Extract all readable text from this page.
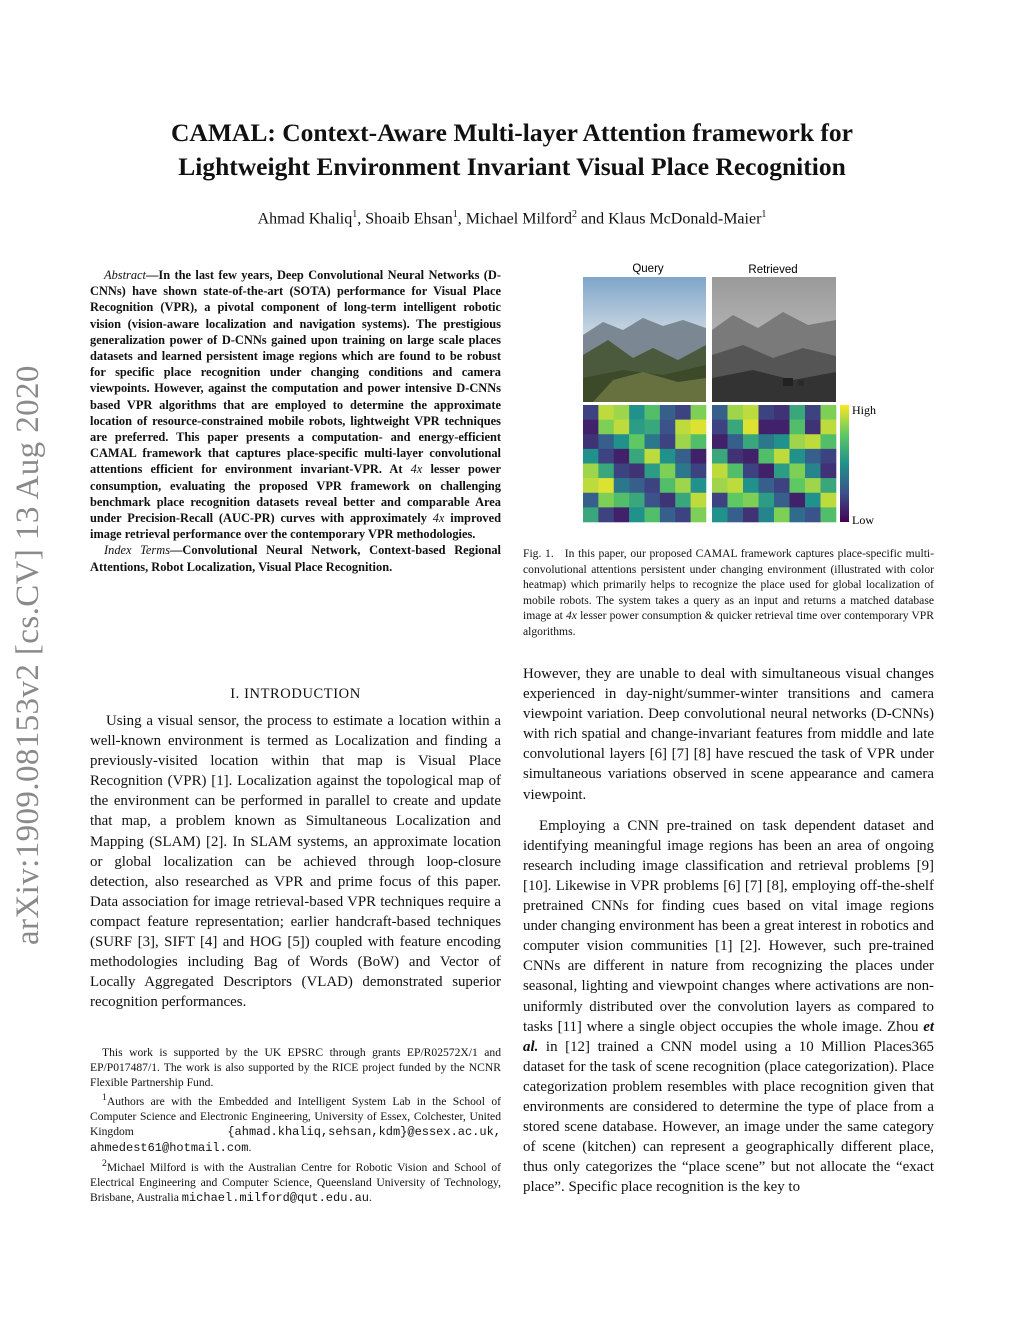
CAMAL: Context-Aware Multi-layer Attention framework for
Lightweight Environment Invariant Visual Place Recognition
Ahmad Khaliq$^1$, Shoaib Ehsan$^1$, Michael Milford$^2$ and Klaus McDonald-Maier$^1$
arXiv:1909.08153v2 [cs.CV] 13 Aug 2020

Abstract—In the last few years, Deep Convolutional Neural Networks (D-CNNs) have shown state-of-the-art (SOTA) performance for Visual Place Recognition (VPR), a pivotal component of long-term intelligent robotic vision (vision-aware localization and navigation systems). The prestigious generalization power of D-CNNs gained upon training on large scale places datasets and learned persistent image regions which are found to be robust for specific place recognition under changing conditions and camera viewpoints. However, against the computation and power intensive D-CNNs based VPR algorithms that are employed to determine the approximate location of resource-constrained mobile robots, lightweight VPR techniques are preferred. This paper presents a computation- and energy-efficient CAMAL framework that captures place-specific multi-layer convolutional attentions efficient for environment invariant-VPR. At 4x lesser power consumption, evaluating the proposed VPR framework on challenging benchmark place recognition datasets reveal better and comparable Area under Precision-Recall (AUC-PR) curves with approximately 4x improved image retrieval performance over the contemporary VPR methodologies.

Index Terms—Convolutional Neural Network, Context-based Regional Attentions, Robot Localization, Visual Place Recognition.

I. INTRODUCTION

Using a visual sensor, the process to estimate a location within a well-known environment is termed as Localization and finding a previously-visited location within that map is Visual Place Recognition (VPR) [1]. Localization against the topological map of the environment can be performed in parallel to create and update that map, a problem known as Simultaneous Localization and Mapping (SLAM) [2]. In SLAM systems, an approximate location or global localization can be achieved through loop-closure detection, also researched as VPR and prime focus of this paper. Data association for image retrieval-based VPR techniques require a compact feature representation; earlier handcraft-based techniques (SURF [3], SIFT [4] and HOG [5]) coupled with feature encoding methodologies including Bag of Words (BoW) and Vector of Locally Aggregated Descriptors (VLAD) demonstrated superior recognition performances.

This work is supported by the UK EPSRC through grants EP/R02572X/1 and EP/P017487/1. The work is also supported by the RICE project funded by the NCNR Flexible Partnership Fund.

$^1$Authors are with the Embedded and Intelligent System Lab in the School of Computer Science and Electronic Engineering, University of Essex, Colchester, United Kingdom	{ahmad.khaliq,sehsan,kdm}@essex.ac.uk, ahmedest61@hotmail.com.

$^2$Michael Milford is with the Australian Centre for Robotic Vision and School of Electrical Engineering and Computer Science, Queensland University of Technology, Brisbane, Australia michael.milford@qut.edu.au.

Query	Retrieved
High
Low
Fig. 1. In this paper, our proposed CAMAL framework captures place-specific multi-convolutional attentions persistent under changing environment (illustrated with color heatmap) which primarily helps to recognize the place used for global localization of mobile robots. The system takes a query as an input and returns a matched database image at 4x lesser power consumption & quicker retrieval time over contemporary VPR algorithms.

However, they are unable to deal with simultaneous visual changes experienced in day-night/summer-winter transitions and camera viewpoint variation. Deep convolutional neural networks (D-CNNs) with rich spatial and change-invariant features from middle and late convolutional layers [6] [7] [8] have rescued the task of VPR under simultaneous variations observed in scene appearance and camera viewpoint.

Employing a CNN pre-trained on task dependent dataset and identifying meaningful image regions has been an area of ongoing research including image classification and retrieval problems [9] [10]. Likewise in VPR problems [6] [7] [8], employing off-the-shelf pretrained CNNs for finding cues based on vital image regions under changing environment has been a great interest in robotics and computer vision communities [1] [2]. However, such pre-trained CNNs are different in nature from recognizing the places under seasonal, lighting and viewpoint changes where activations are non-uniformly distributed over the convolution layers as compared to tasks [11] where a single object occupies the whole image. Zhou et al. in [12] trained a CNN model using a 10 Million Places365 dataset for the task of scene recognition (place categorization). Place categorization problem resembles with place recognition given that environments are considered to determine the type of place from a stored scene database. However, an image under the same category of scene (kitchen) can represent a geographically different place, thus only categorizes the “place scene” but not allocate the “exact place”. Specific place recognition is the key to
